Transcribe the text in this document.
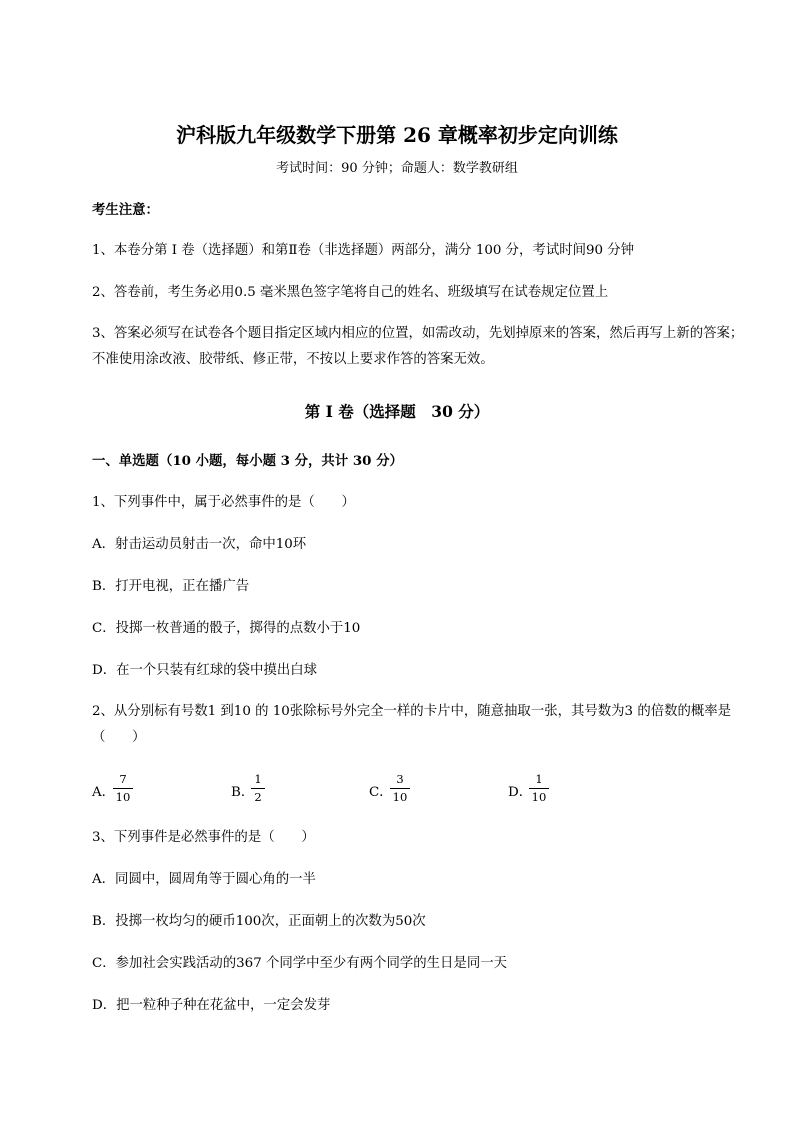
沪科版九年级数学下册第 26 章概率初步定向训练
考试时间：90 分钟；命题人：数学教研组
考生注意：
1、本卷分第 I 卷（选择题）和第Ⅱ卷（非选择题）两部分，满分 100 分，考试时间90 分钟
2、答卷前，考生务必用0.5 毫米黑色签字笔将自己的姓名、班级填写在试卷规定位置上
3、答案必须写在试卷各个题目指定区域内相应的位置，如需改动，先划掉原来的答案，然后再写上新的答案；不准使用涂改液、胶带纸、修正带，不按以上要求作答的答案无效。
第 I 卷（选择题　30 分）
一、单选题（10 小题，每小题 3 分，共计 30 分）
1、下列事件中，属于必然事件的是（　　）
A．射击运动员射击一次，命中10环
B．打开电视，正在播广告
C．投掷一枚普通的骰子，掷得的点数小于10
D．在一个只装有红球的袋中摸出白球
2、从分别标有号数1 到10 的 10张除标号外完全一样的卡片中，随意抽取一张，其号数为3 的倍数的概率是（　　）
A．
7
10	B．
1
2	C．
3
10	D．
1
10
3、下列事件是必然事件的是（　　）
A．同圆中，圆周角等于圆心角的一半
B．投掷一枚均匀的硬币100次，正面朝上的次数为50次
C．参加社会实践活动的367 个同学中至少有两个同学的生日是同一天
D．把一粒种子种在花盆中，一定会发芽
